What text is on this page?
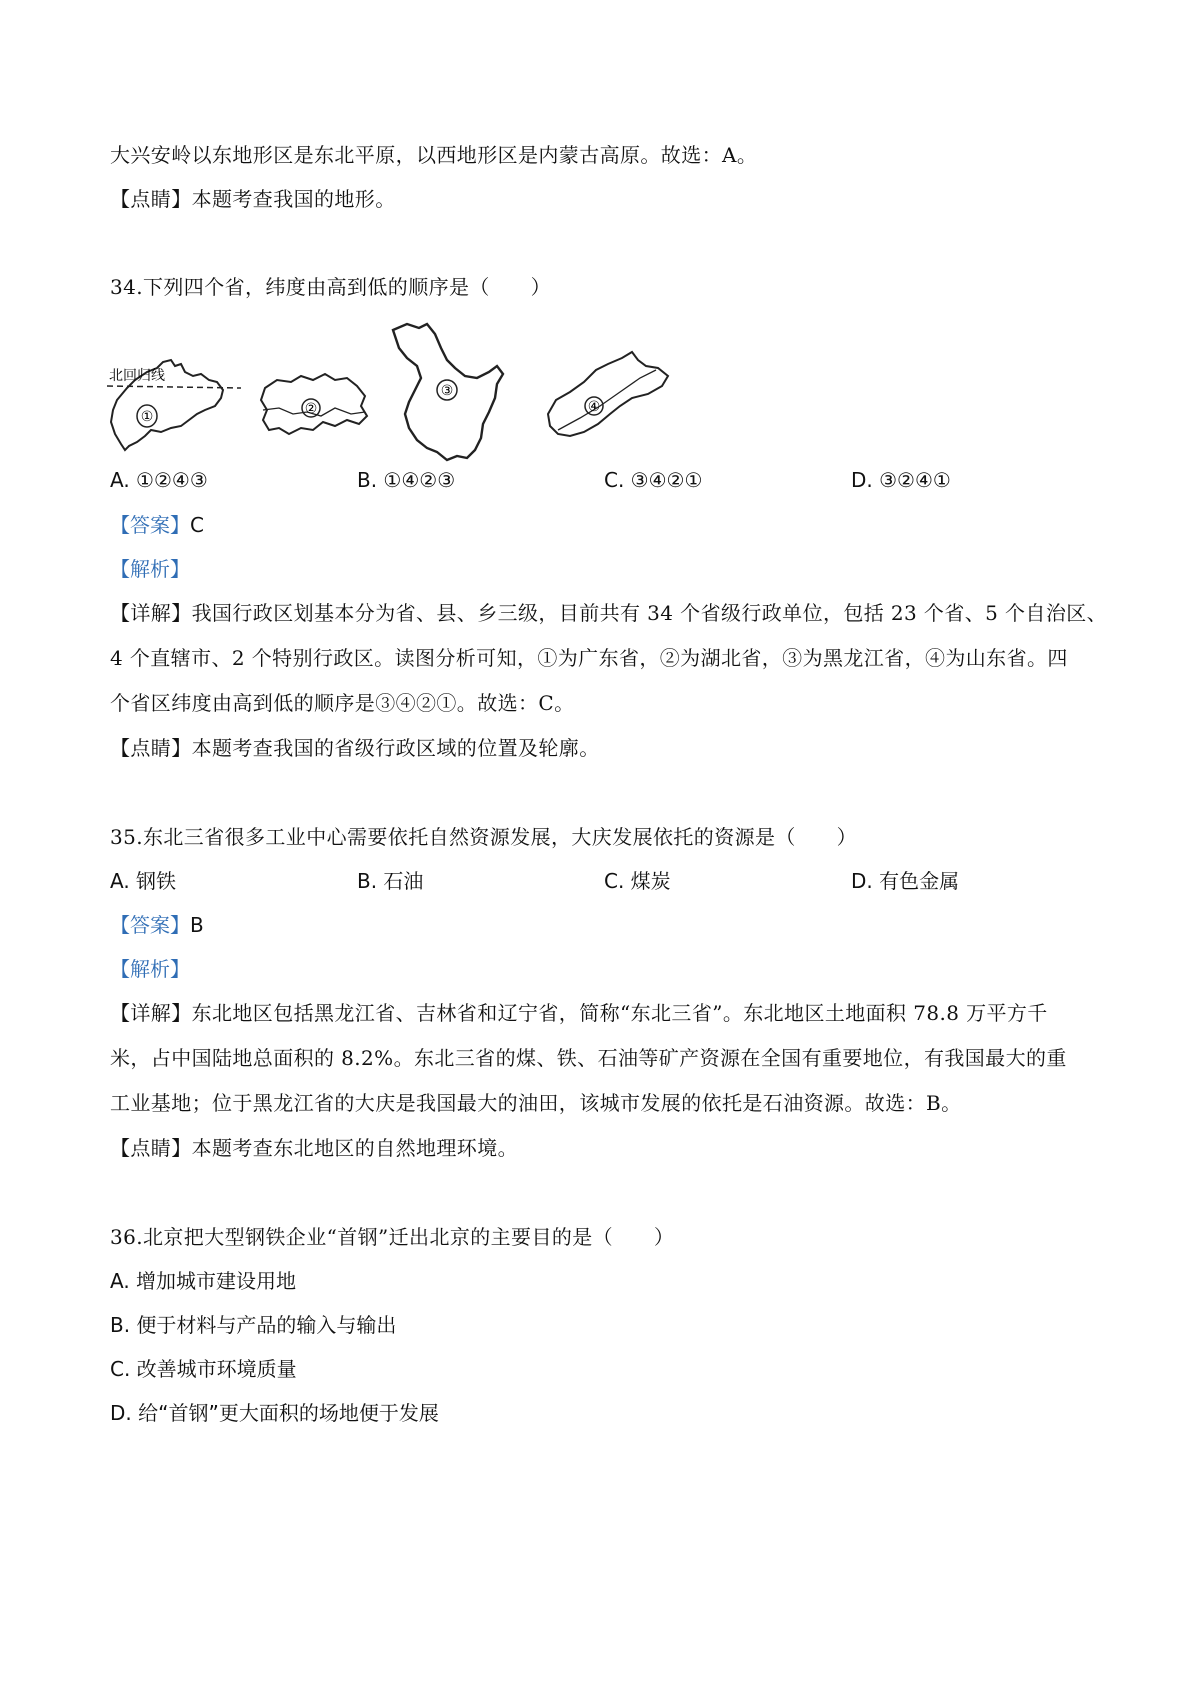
大兴安岭以东地形区是东北平原，以西地形区是内蒙古高原。故选：A。
【点睛】本题考查我国的地形。
34.下列四个省，纬度由高到低的顺序是（　　）
①
北回归线
②
③
④
A. ①②④③	B. ①④②③	C. ③④②①	D. ③②④①
【答案】C
【解析】
【详解】我国行政区划基本分为省、县、乡三级，目前共有 34 个省级行政单位，包括 23 个省、5 个自治区、
4 个直辖市、2 个特别行政区。读图分析可知，①为广东省，②为湖北省，③为黑龙江省，④为山东省。四
个省区纬度由高到低的顺序是③④②①。故选：C。
【点睛】本题考查我国的省级行政区域的位置及轮廓。
35.东北三省很多工业中心需要依托自然资源发展，大庆发展依托的资源是（　　）
A. 钢铁	B. 石油	C. 煤炭	D. 有色金属
【答案】B
【解析】
【详解】东北地区包括黑龙江省、吉林省和辽宁省，简称“东北三省”。东北地区土地面积 78.8 万平方千
米，占中国陆地总面积的 8.2%。东北三省的煤、铁、石油等矿产资源在全国有重要地位，有我国最大的重
工业基地；位于黑龙江省的大庆是我国最大的油田，该城市发展的依托是石油资源。故选：B。
【点睛】本题考查东北地区的自然地理环境。
36.北京把大型钢铁企业“首钢”迁出北京的主要目的是（　　）
A. 增加城市建设用地
B. 便于材料与产品的输入与输出
C. 改善城市环境质量
D. 给“首钢”更大面积的场地便于发展
